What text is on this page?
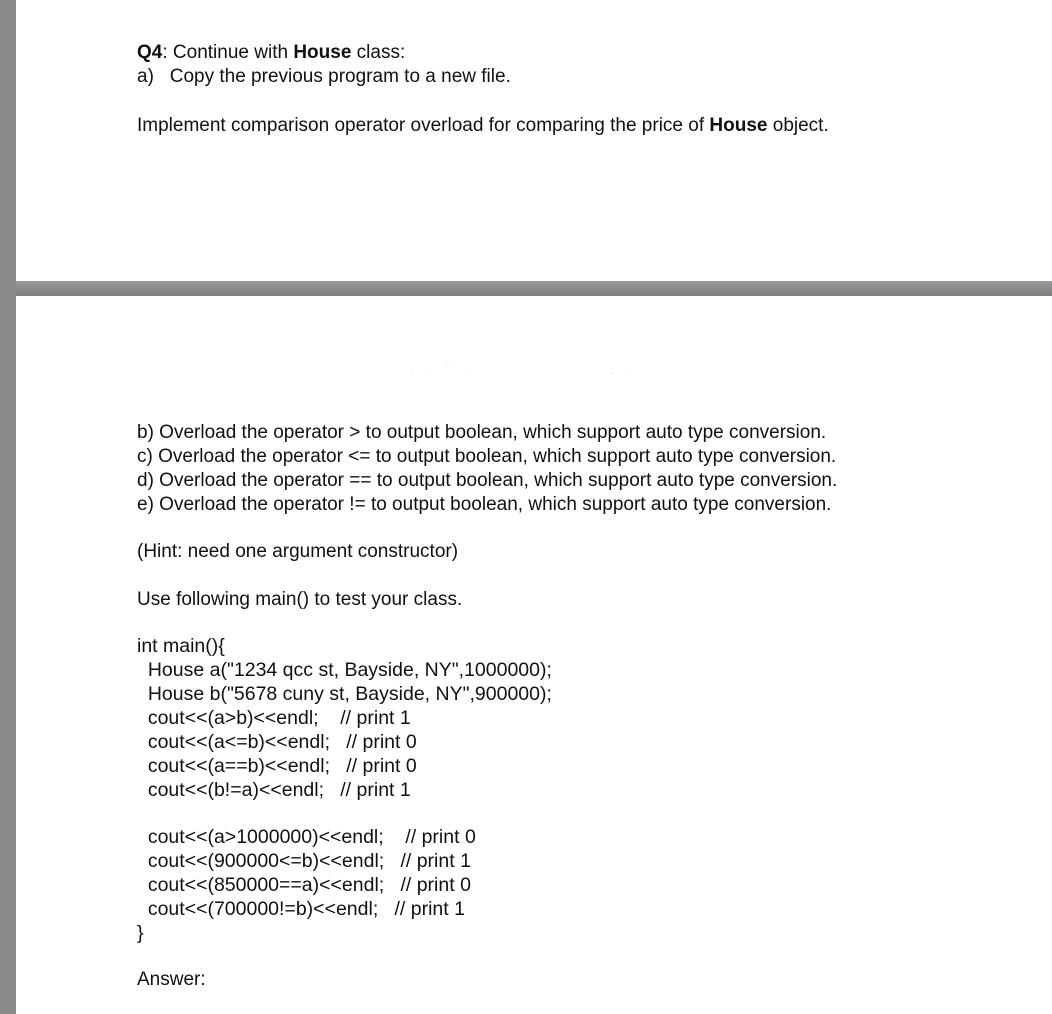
Q4: Continue with House class:
a)   Copy the previous program to a new file.
Implement comparison operator overload for comparing the price of House object.
· · ` ·	. ·
b) Overload the operator > to output boolean, which support auto type conversion.
c) Overload the operator <= to output boolean, which support auto type conversion.
d) Overload the operator == to output boolean, which support auto type conversion.
e) Overload the operator != to output boolean, which support auto type conversion.
(Hint: need one argument constructor)
Use following main() to test your class.
int main(){
House a("1234 qcc st, Bayside, NY",1000000);
House b("5678 cuny st, Bayside, NY",900000);
cout<<(a>b)<<endl;    // print 1
cout<<(a<=b)<<endl;   // print 0
cout<<(a==b)<<endl;   // print 0
cout<<(b!=a)<<endl;   // print 1
cout<<(a>1000000)<<endl;    // print 0
cout<<(900000<=b)<<endl;   // print 1
cout<<(850000==a)<<endl;   // print 0
cout<<(700000!=b)<<endl;   // print 1
}
Answer:
